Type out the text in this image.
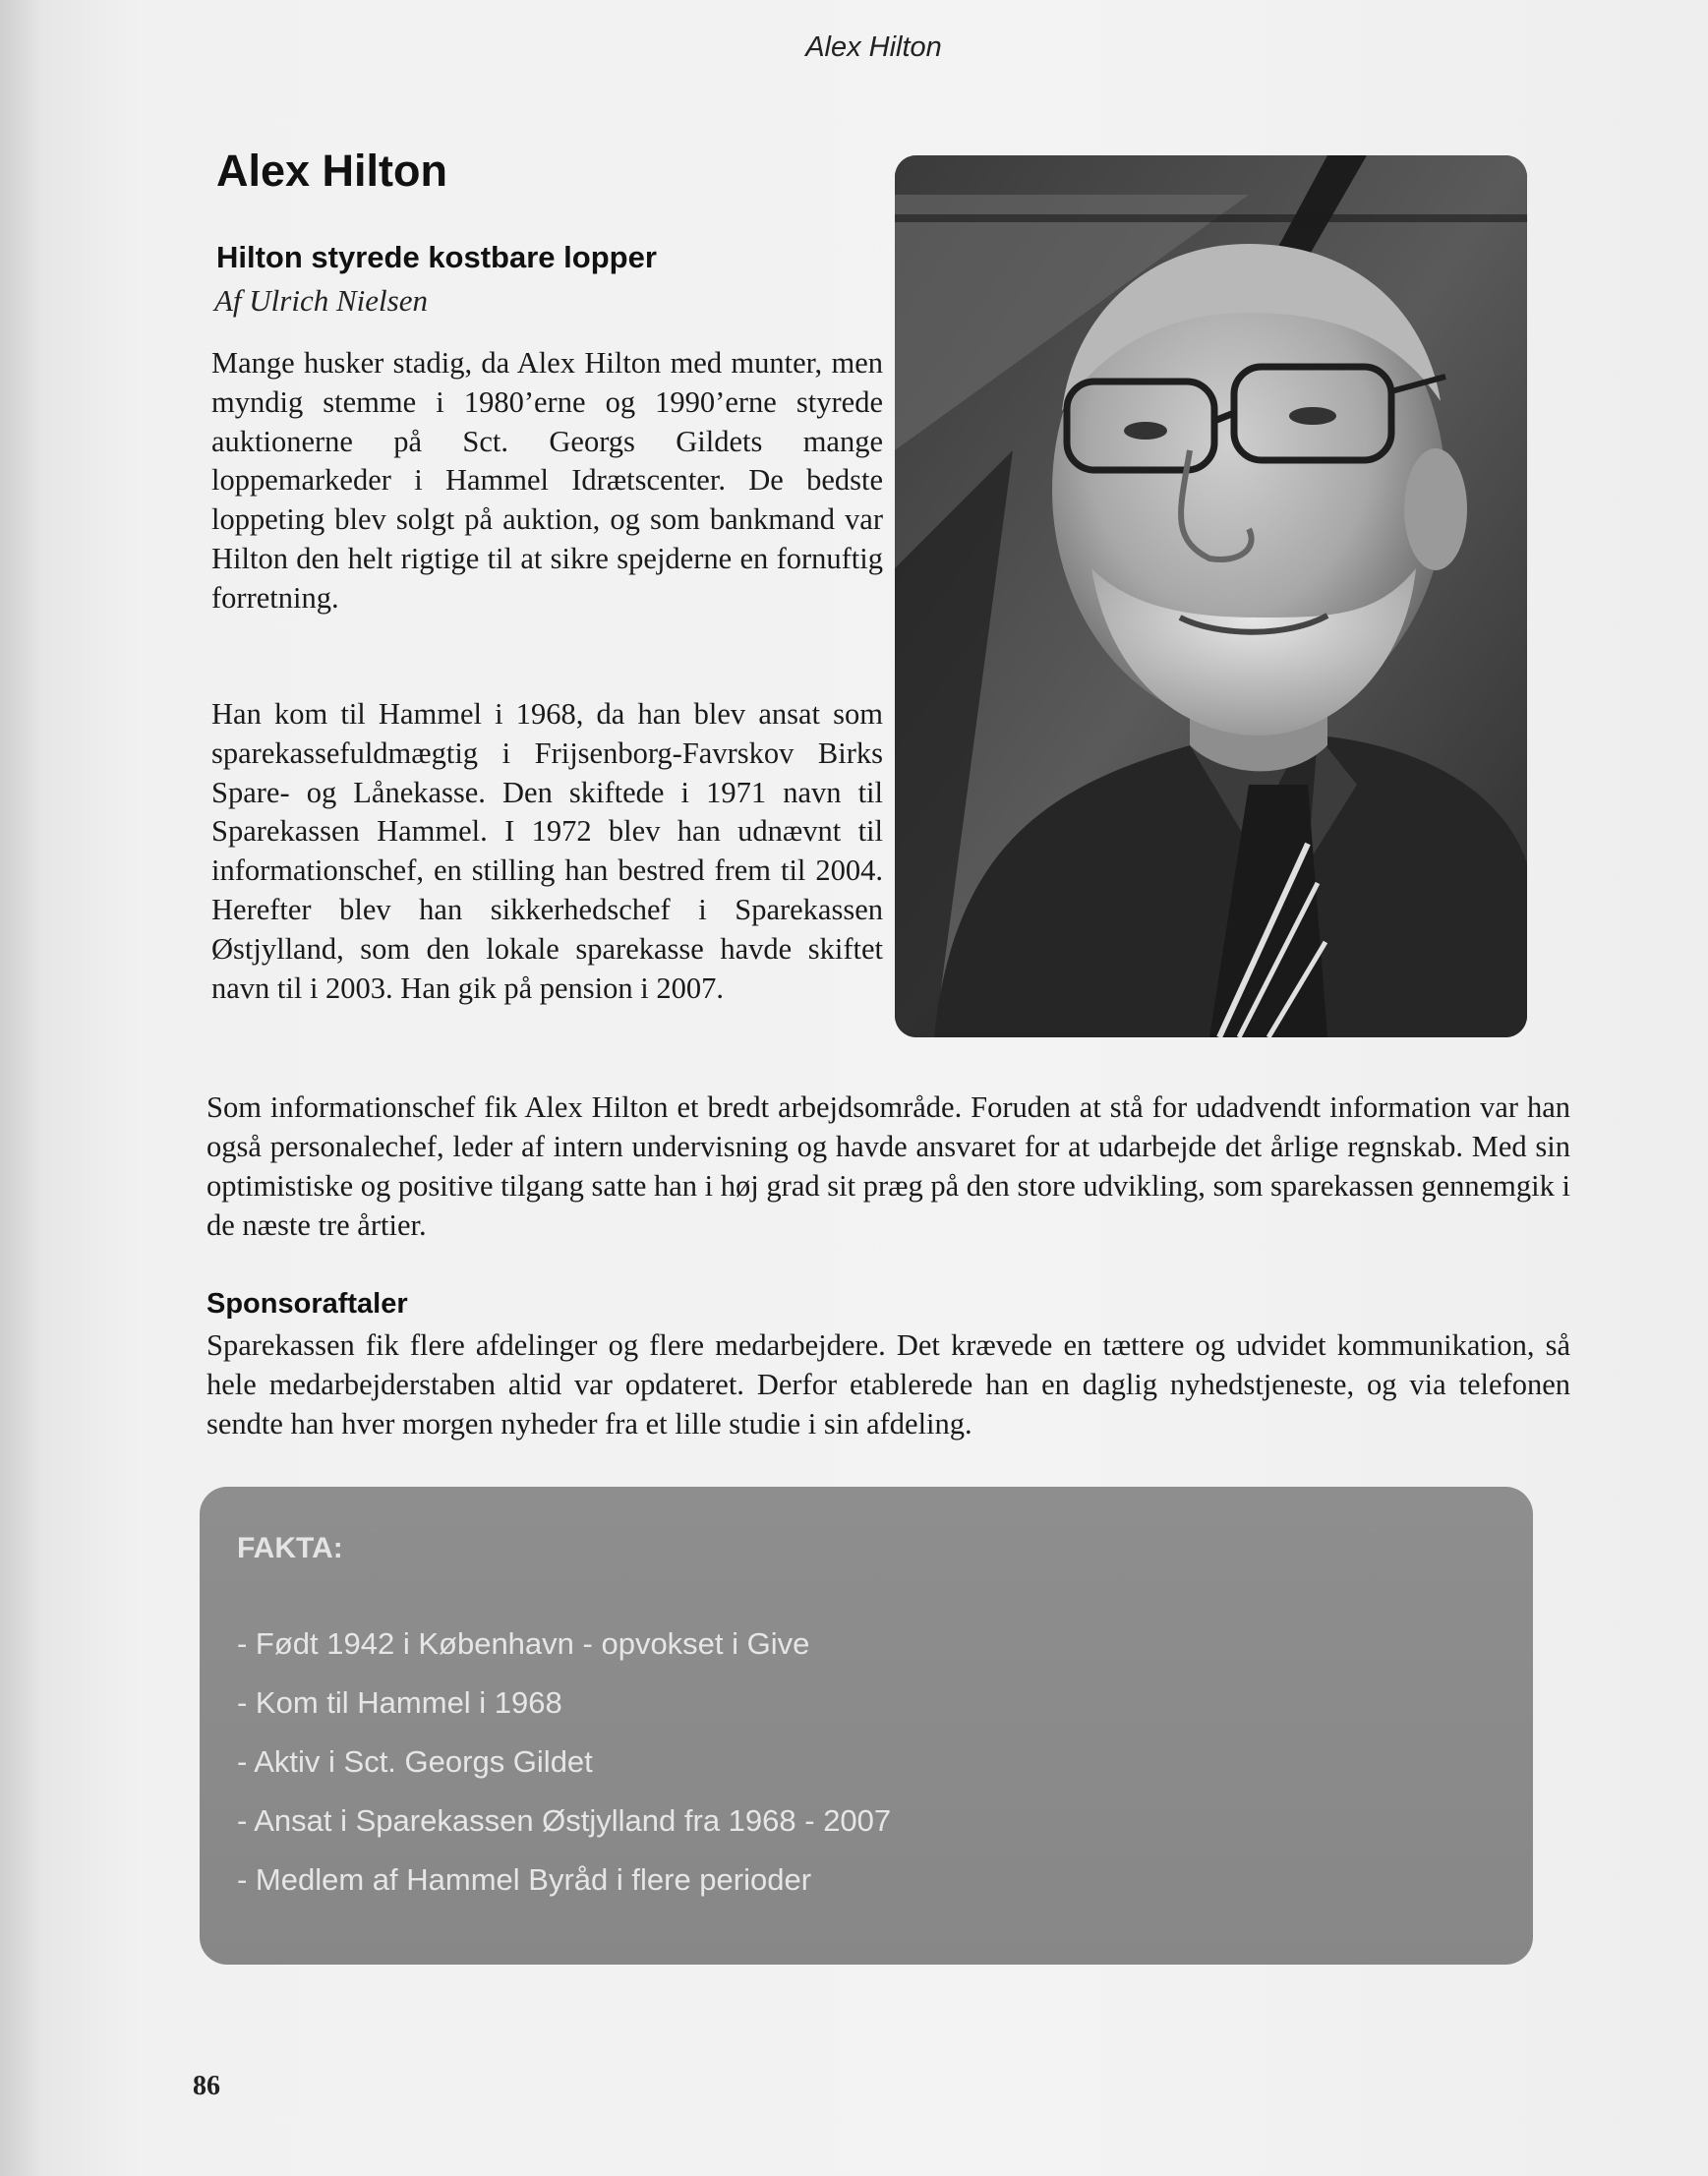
Alex Hilton
Alex Hilton
Hilton styrede kostbare lopper

Af Ulrich Nielsen

Mange husker stadig, da Alex Hilton med munter, men myndig stemme i 1980’erne og 1990’erne styrede auktionerne på Sct. Georgs Gildets mange loppemarkeder i Hammel Idrætscenter. De bedste loppeting blev solgt på auktion, og som bankmand var Hilton den helt rigtige til at sikre spejderne en fornuftig forretning.

Han kom til Hammel i 1968, da han blev ansat som sparekassefuldmægtig i Frijsenborg-Favrskov Birks Spare- og Lånekasse. Den skiftede i 1971 navn til Sparekassen Hammel. I 1972 blev han udnævnt til informationschef, en stilling han bestred frem til 2004. Herefter blev han sikkerhedschef i Sparekassen Østjylland, som den lokale sparekasse havde skiftet navn til i 2003. Han gik på pension i 2007.

Som informationschef fik Alex Hilton et bredt arbejdsområde. Foruden at stå for udadvendt information var han også personalechef, leder af intern undervisning og havde ansvaret for at udarbejde det årlige regnskab. Med sin optimistiske og positive tilgang satte han i høj grad sit præg på den store udvikling, som sparekassen gennemgik i de næste tre årtier.

Sponsoraftaler

Sparekassen fik flere afdelinger og flere medarbejdere. Det krævede en tættere og udvidet kommunikation, så hele medarbejderstaben altid var opdateret. Derfor etablerede han en daglig nyhedstjeneste, og via telefonen sendte han hver morgen nyheder fra et lille studie i sin afdeling.

FAKTA:
- Født 1942 i København - opvokset i Give
- Kom til Hammel i 1968
- Aktiv i Sct. Georgs Gildet
- Ansat i Sparekassen Østjylland fra 1968 - 2007
- Medlem af Hammel Byråd i flere perioder

86
